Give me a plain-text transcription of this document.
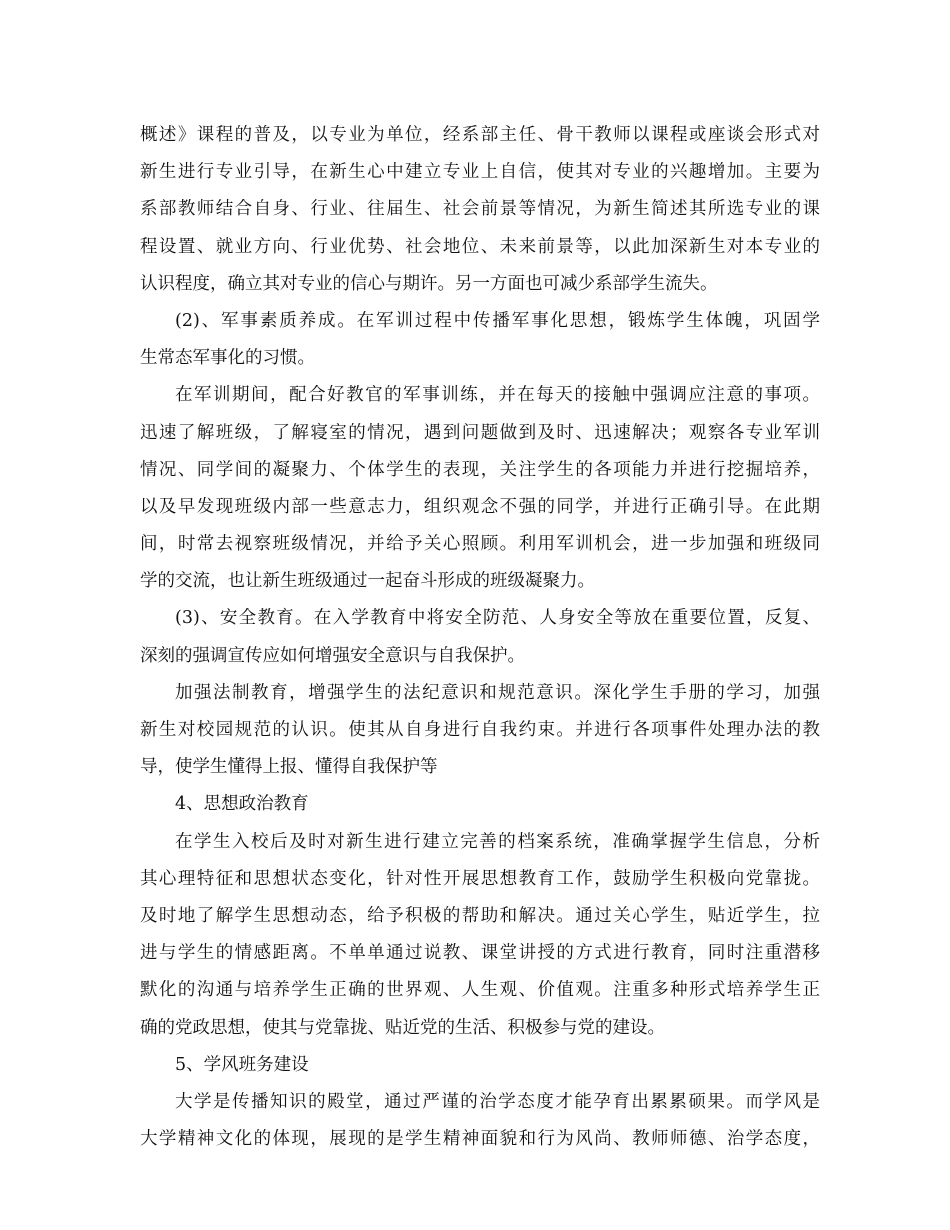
概述》课程的普及，以专业为单位，经系部主任、骨干教师以课程或座谈会形式对
新生进行专业引导，在新生心中建立专业上自信，使其对专业的兴趣增加。主要为
系部教师结合自身、行业、往届生、社会前景等情况，为新生简述其所选专业的课
程设置、就业方向、行业优势、社会地位、未来前景等，以此加深新生对本专业的
认识程度，确立其对专业的信心与期许。另一方面也可减少系部学生流失。
(2)、军事素质养成。在军训过程中传播军事化思想，锻炼学生体魄，巩固学
生常态军事化的习惯。
在军训期间，配合好教官的军事训练，并在每天的接触中强调应注意的事项。
迅速了解班级，了解寝室的情况，遇到问题做到及时、迅速解决；观察各专业军训
情况、同学间的凝聚力、个体学生的表现，关注学生的各项能力并进行挖掘培养，
以及早发现班级内部一些意志力，组织观念不强的同学，并进行正确引导。在此期
间，时常去视察班级情况，并给予关心照顾。利用军训机会，进一步加强和班级同
学的交流，也让新生班级通过一起奋斗形成的班级凝聚力。
(3)、安全教育。在入学教育中将安全防范、人身安全等放在重要位置，反复、
深刻的强调宣传应如何增强安全意识与自我保护。
加强法制教育，增强学生的法纪意识和规范意识。深化学生手册的学习，加强
新生对校园规范的认识。使其从自身进行自我约束。并进行各项事件处理办法的教
导，使学生懂得上报、懂得自我保护等
4、思想政治教育
在学生入校后及时对新生进行建立完善的档案系统，准确掌握学生信息，分析
其心理特征和思想状态变化，针对性开展思想教育工作，鼓励学生积极向党靠拢。
及时地了解学生思想动态，给予积极的帮助和解决。通过关心学生，贴近学生，拉
进与学生的情感距离。不单单通过说教、课堂讲授的方式进行教育，同时注重潜移
默化的沟通与培养学生正确的世界观、人生观、价值观。注重多种形式培养学生正
确的党政思想，使其与党靠拢、贴近党的生活、积极参与党的建设。
5、学风班务建设
大学是传播知识的殿堂，通过严谨的治学态度才能孕育出累累硕果。而学风是
大学精神文化的体现，展现的是学生精神面貌和行为风尚、教师师德、治学态度，
